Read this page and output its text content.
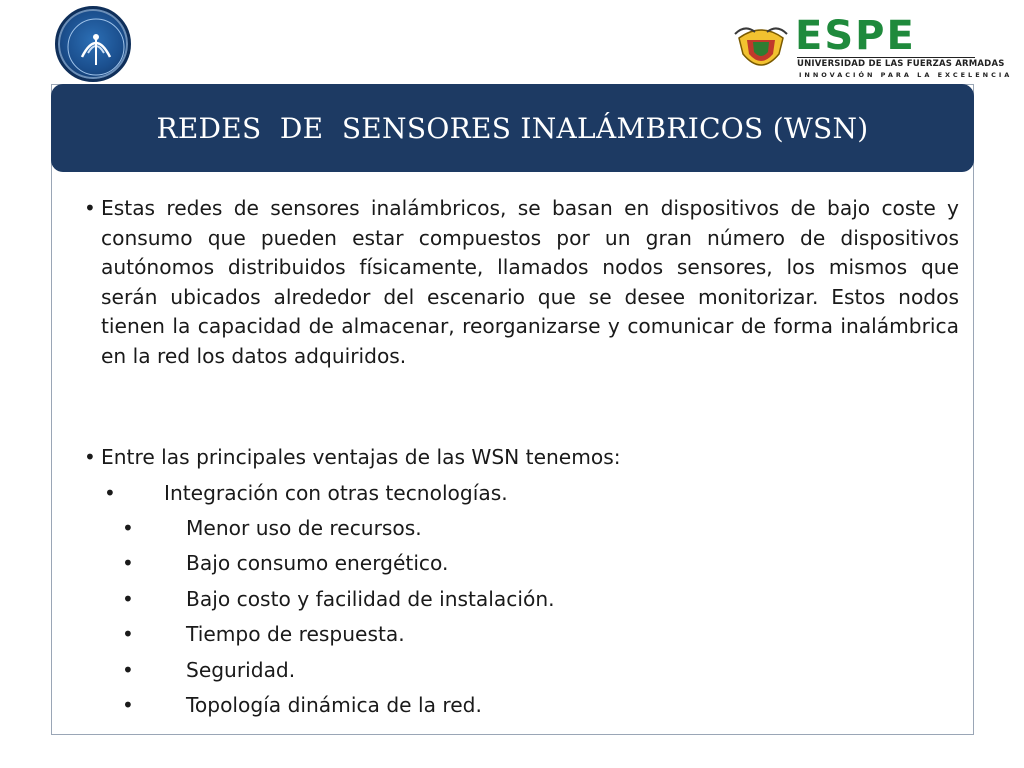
ESPE
UNIVERSIDAD DE LAS FUERZAS ARMADAS
INNOVACIÓN PARA LA EXCELENCIA
REDES  DE  SENSORES INALÁMBRICOS (WSN)
• Estas redes de sensores inalámbricos, se basan en dispositivos de bajo coste y consumo que pueden estar compuestos por un gran número de dispositivos autónomos distribuidos físicamente, llamados nodos sensores, los mismos que serán ubicados alrededor del escenario que se desee monitorizar. Estos nodos tienen la capacidad de almacenar, reorganizarse y comunicar de forma inalámbrica en la red los datos adquiridos.
• Entre las principales ventajas de las WSN tenemos:
• Integración con otras tecnologías.
•	Menor uso de recursos.
•	Bajo consumo energético.
•	Bajo costo y facilidad de instalación.
•	Tiempo de respuesta.
•	Seguridad.
•	Topología dinámica de la red.
